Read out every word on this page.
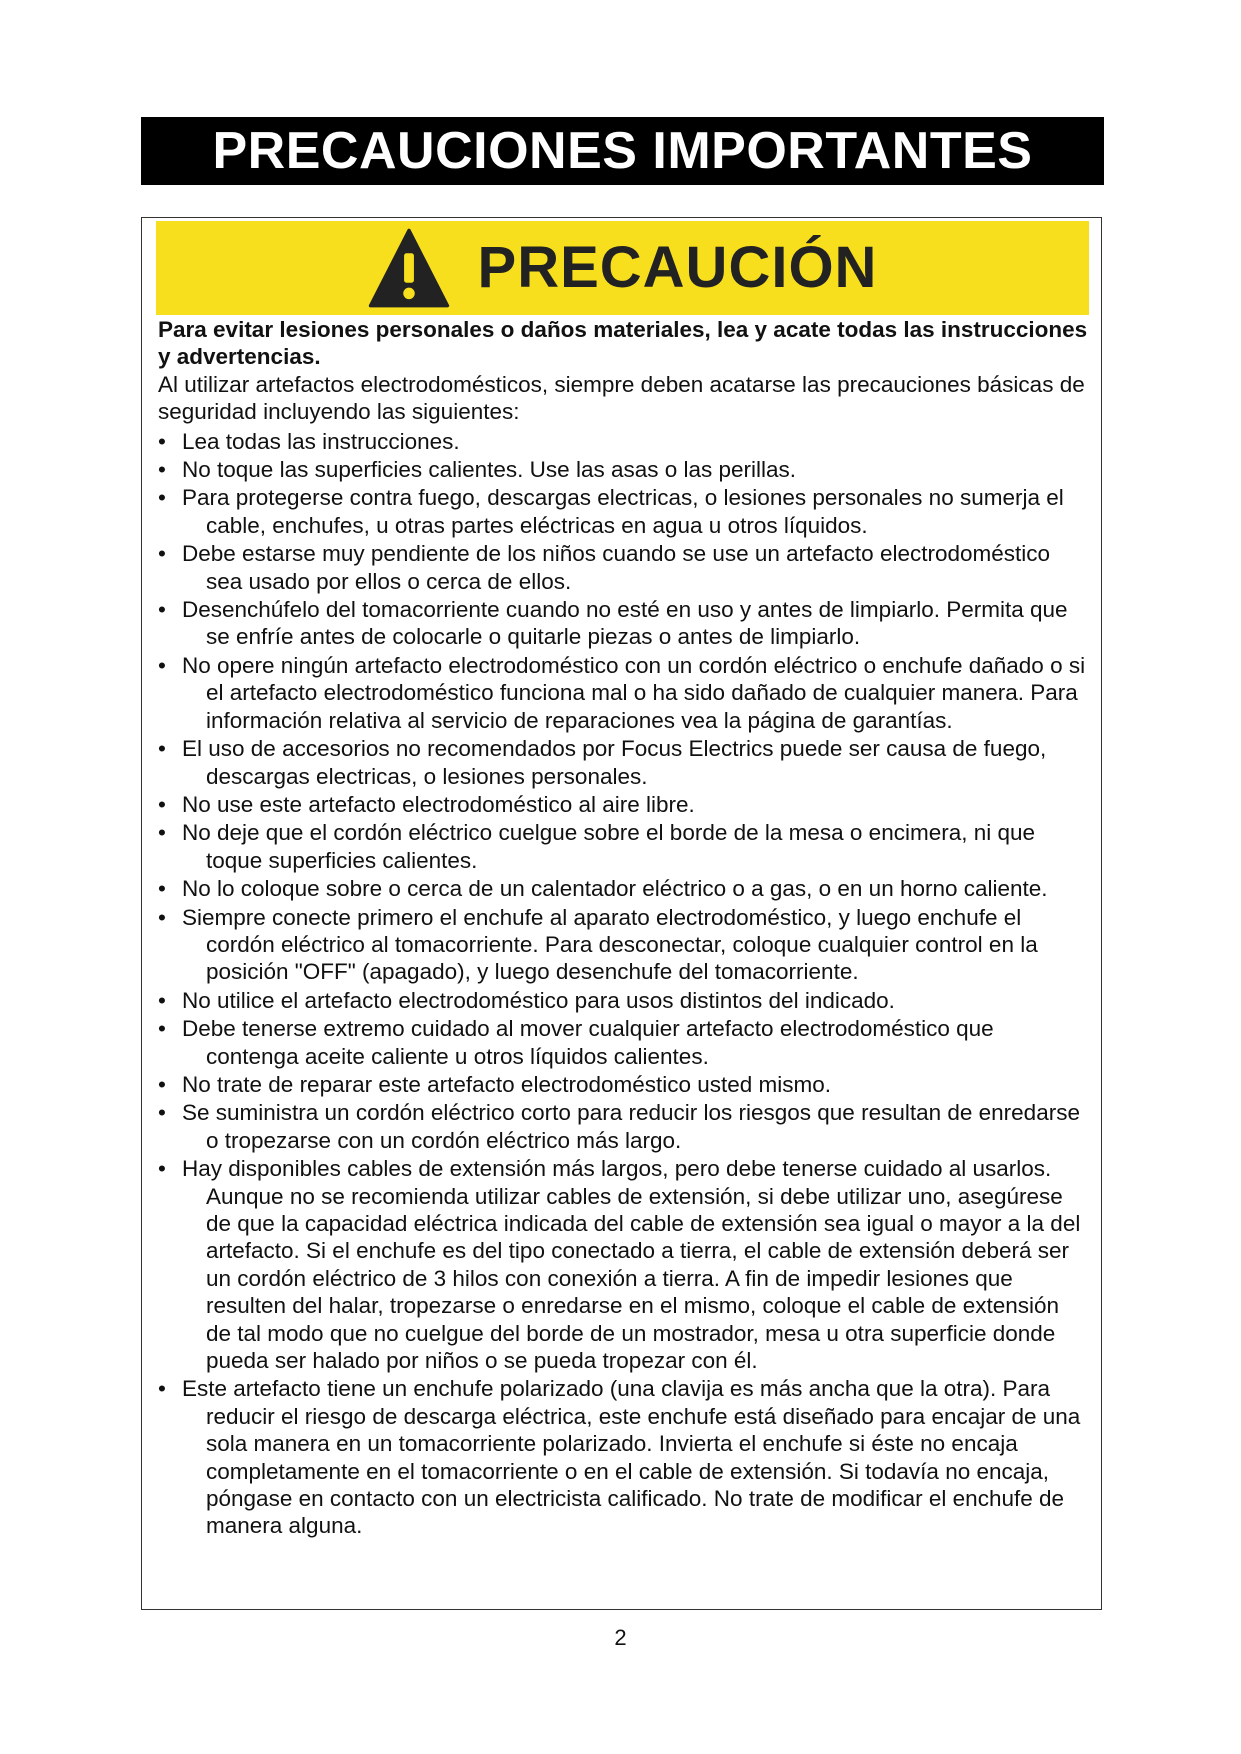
PRECAUCIONES IMPORTANTES
PRECAUCIÓN

Para evitar lesiones personales o daños materiales, lea y acate todas las instrucciones y advertencias.

Al utilizar artefactos electrodomésticos, siempre deben acatarse las precauciones básicas de seguridad incluyendo las siguientes:

• Lea todas las instrucciones.
• No toque las superficies calientes. Use las asas o las perillas.
• Para protegerse contra fuego, descargas electricas, o lesiones personales no sumerja el cable, enchufes, u otras partes eléctricas en agua u otros líquidos.
• Debe estarse muy pendiente de los niños cuando se use un artefacto electrodoméstico sea usado por ellos o cerca de ellos.
• Desenchúfelo del tomacorriente cuando no esté en uso y antes de limpiarlo. Permita que se enfríe antes de colocarle o quitarle piezas o antes de limpiarlo.
• No opere ningún artefacto electrodoméstico con un cordón eléctrico o enchufe dañado o si el artefacto electrodoméstico funciona mal o ha sido dañado de cualquier manera. Para información relativa al servicio de reparaciones vea la página de garantías.
• El uso de accesorios no recomendados por Focus Electrics puede ser causa de fuego, descargas electricas, o lesiones personales.
• No use este artefacto electrodoméstico al aire libre.
• No deje que el cordón eléctrico cuelgue sobre el borde de la mesa o encimera, ni que toque superficies calientes.
• No lo coloque sobre o cerca de un calentador eléctrico o a gas, o en un horno caliente.
• Siempre conecte primero el enchufe al aparato electrodoméstico, y luego enchufe el cordón eléctrico al tomacorriente. Para desconectar, coloque cualquier control en la posición "OFF" (apagado), y luego desenchufe del tomacorriente.
• No utilice el artefacto electrodoméstico para usos distintos del indicado.
• Debe tenerse extremo cuidado al mover cualquier artefacto electrodoméstico que contenga aceite caliente u otros líquidos calientes.
• No trate de reparar este artefacto electrodoméstico usted mismo.
• Se suministra un cordón eléctrico corto para reducir los riesgos que resultan de enredarse o tropezarse con un cordón eléctrico más largo.
• Hay disponibles cables de extensión más largos, pero debe tenerse cuidado al usarlos. Aunque no se recomienda utilizar cables de extensión, si debe utilizar uno, asegúrese de que la capacidad eléctrica indicada del cable de extensión sea igual o mayor a la del artefacto. Si el enchufe es del tipo conectado a tierra, el cable de extensión deberá ser un cordón eléctrico de 3 hilos con conexión a tierra. A fin de impedir lesiones que resulten del halar, tropezarse o enredarse en el mismo, coloque el cable de extensión de tal modo que no cuelgue del borde de un mostrador, mesa u otra superficie donde pueda ser halado por niños o se pueda tropezar con él.
• Este artefacto tiene un enchufe polarizado (una clavija es más ancha que la otra). Para reducir el riesgo de descarga eléctrica, este enchufe está diseñado para encajar de una sola manera en un tomacorriente polarizado. Invierta el enchufe si éste no encaja completamente en el tomacorriente o en el cable de extensión. Si todavía no encaja, póngase en contacto con un electricista calificado. No trate de modificar el enchufe de manera alguna.
2
